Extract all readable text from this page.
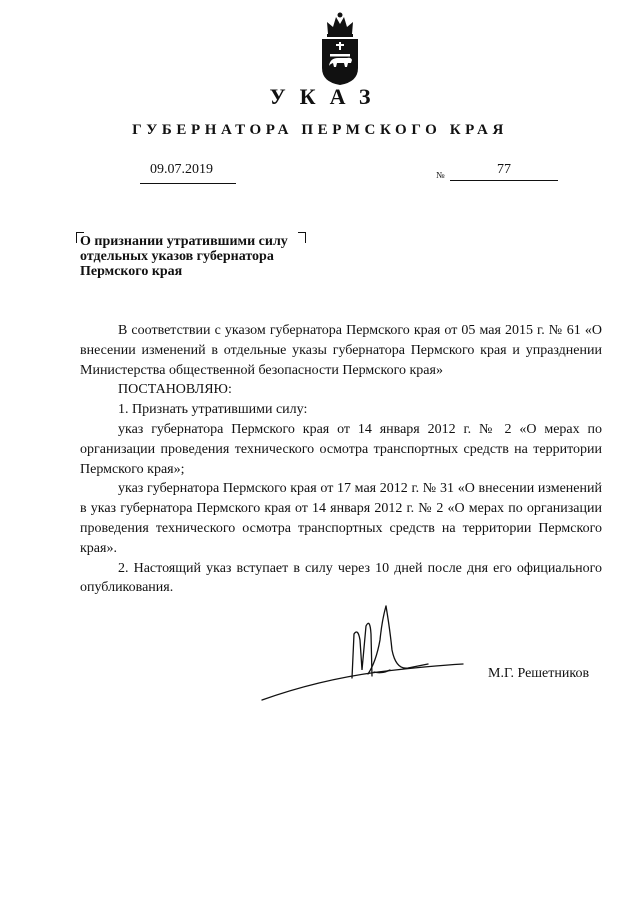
УКАЗ
ГУБЕРНАТОРА ПЕРМСКОГО КРАЯ
09.07.2019	№	77
О признании утратившими силу
отдельных указов губернатора
Пермского края

В соответствии с указом губернатора Пермского края от 05 мая 2015 г. № 61 «О внесении изменений в отдельные указы губернатора Пермского края и упразднении Министерства общественной безопасности Пермского края»

ПОСТАНОВЛЯЮ:

1. Признать утратившими силу:

указ губернатора Пермского края от 14 января 2012 г. № 2 «О мерах по организации проведения технического осмотра транспортных средств на территории Пермского края»;

указ губернатора Пермского края от 17 мая 2012 г. № 31 «О внесении изменений в указ губернатора Пермского края от 14 января 2012 г. № 2 «О мерах по организации проведения технического осмотра транспортных средств на территории Пермского края».

2. Настоящий указ вступает в силу через 10 дней после дня его официального опубликования.

М.Г. Решетников
